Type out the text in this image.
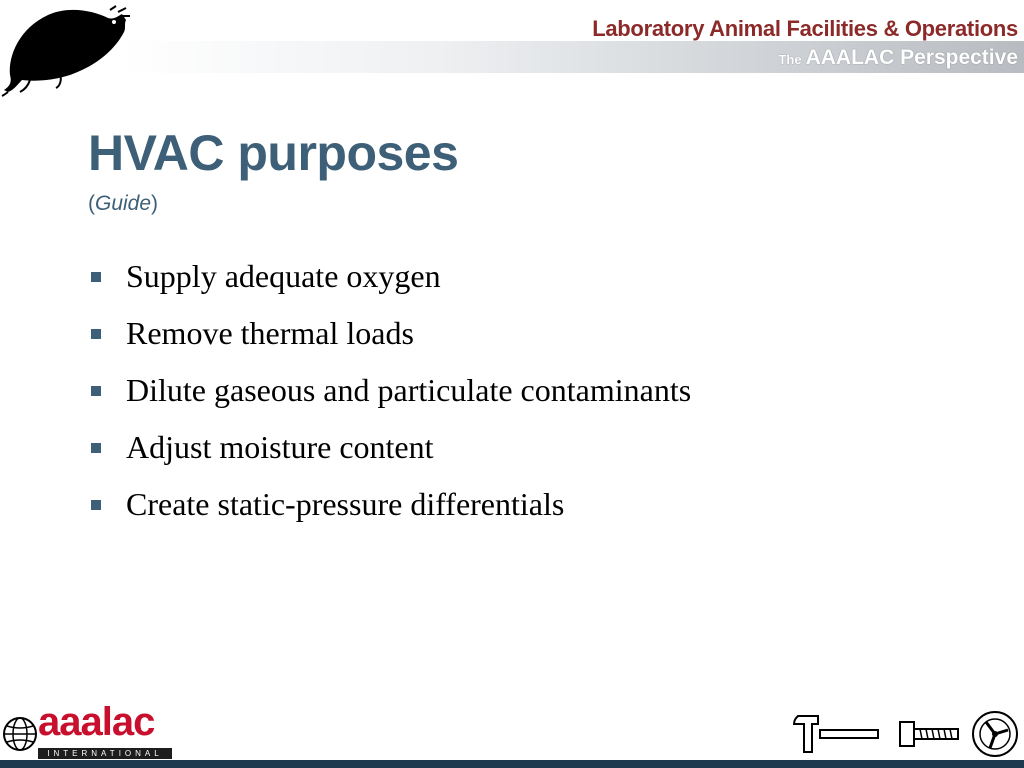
Laboratory Animal Facilities & Operations
The AAALAC Perspective
HVAC purposes
(Guide)
Supply adequate oxygen
Remove thermal loads
Dilute gaseous and particulate contaminants
Adjust moisture content
Create static-pressure differentials
aaalac
INTERNATIONAL
